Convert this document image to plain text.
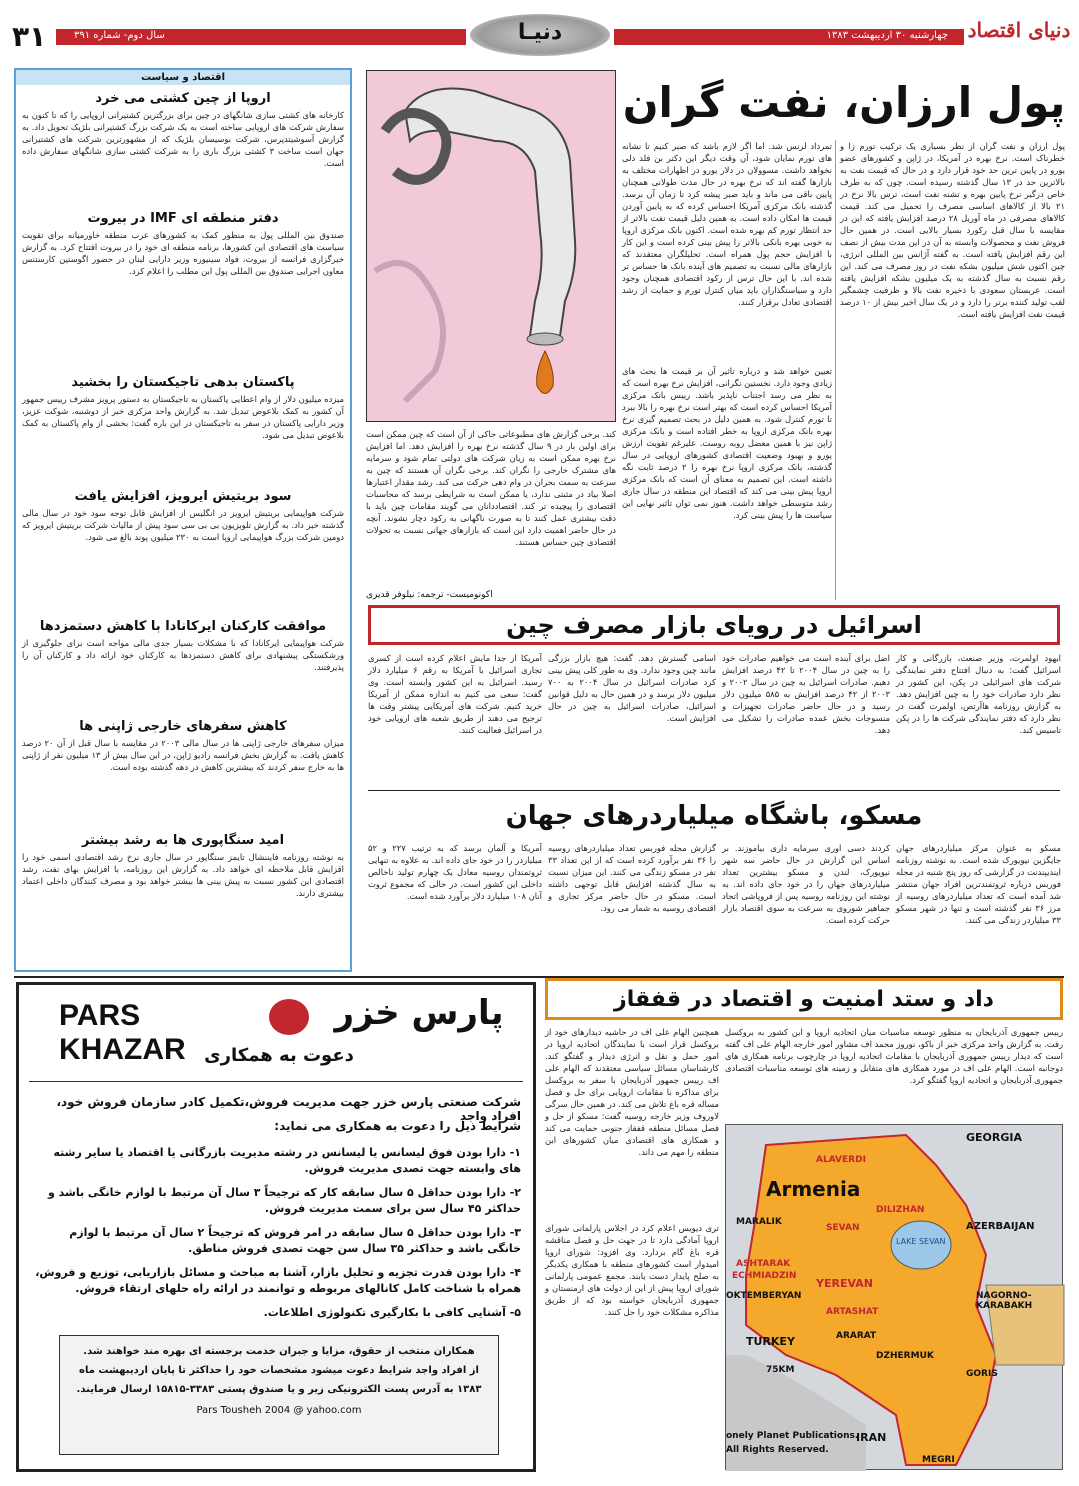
۳۱	سال دوم- شماره ۳۹۱	دنیـا	چهارشنبه ۳۰ اردیبهشت ۱۳۸۳ دنیای اقتصاد
اقتصاد و سیاست
اروپا از چین کشتی می خرد
کارخانه های کشتی سازی شانگهای در چین برای بزرگترین کشتیرانی اروپایی را که تا کنون به سفارش شرکت های اروپایی ساخته است به یک شرکت بزرگ کشتیرانی بلژیک تحویل داد. به گزارش آسوشیتدپرس، شرکت بوسیسان بلژیک که از مشهورترین شرکت های کشتیرانی جهان است ساخت ۳ کشتی بزرگ باری را به شرکت کشتی سازی شانگهای سفارش داده است.
دفتر منطقه ای IMF در بیروت
صندوق بین المللی پول به منظور کمک به کشورهای عرب منطقه خاورمیانه برای تقویت سیاست های اقتصادی این کشورها، برنامه منطقه ای خود را در بیروت افتتاح کرد. به گزارش خبرگزاری فرانسه از بیروت، فواد سینیوره وزیر دارایی لبنان در حضور اگوستین کارستنس معاون اجرایی صندوق بین المللی پول این مطلب را اعلام کرد.
پاکستان بدهی تاجیکستان را بخشید
میزده میلیون دلار از وام اعطایی پاکستان به تاجیکستان به دستور پرویز مشرف رییس جمهور آن کشور به کمک بلاعوض تبدیل شد. به گزارش واحد مرکزی خبر از دوشنبه، شوکت عزیز، وزیر دارایی پاکستان در سفر به تاجیکستان در این باره گفت: بخشی از وام پاکستان به کمک بلاعوض تبدیل می شود.
سود بریتیش ایرویز، افزایش یافت
شرکت هواپیمایی بریتیش ایرویز در انگلیس از افزایش قابل توجه سود خود در سال مالی گذشته خبر داد. به گزارش تلویزیون بی بی سی سود پیش از مالیات شرکت بریتیش ایرویز که دومین شرکت بزرگ هواپیمایی اروپا است به ۲۳۰ میلیون پوند بالغ می شود.
موافقت کارکنان ایرکانادا با کاهش دستمزدها
شرکت هواپیمایی ایرکانادا که با مشکلات بسیار جدی مالی مواجه است برای جلوگیری از ورشکستگی پیشنهادی برای کاهش دستمزدها به کارکنان خود ارائه داد و کارکنان آن را پذیرفتند.
کاهش سفرهای خارجی ژاپنی ها
میزان سفرهای خارجی ژاپنی ها در سال مالی ۲۰۰۳ در مقایسه با سال قبل از آن ۲۰ درصد کاهش یافت. به گزارش بخش فرانسه رادیو ژاپن، در این سال بیش از ۱۳ میلیون نفر از ژاپنی ها به خارج سفر کردند که بیشترین کاهش در دهه گذشته بوده است.
امید سنگاپوری ها به رشد بیشتر
به نوشته روزنامه فایننشال تایمز سنگاپور در سال جاری نرخ رشد اقتصادی اسمی خود را افزایش قابل ملاحظه ای خواهد داد. به گزارش این روزنامه، با افزایش بهای نفت، رشد اقتصادی این کشور نسبت به پیش بینی ها بیشتر خواهد بود و مصرف کنندگان داخلی اعتماد بیشتری دارند.
پول ارزان، نفت گران
پول ارزان و نفت گران از نظر بسیاری یک ترکیب تورم زا و خطرناک است. نرخ بهره در آمریکا، در ژاپن و کشورهای عضو یورو در پایین ترین حد خود قرار دارد و در حال که قیمت نفت به بالاترین حد در ۱۳ سال گذشته رسیده است. چون که به طرف خاص درگیر نرخ پایین بهره و تشنه نفت است، ترس بالا نرخ در ۲۱ بالا از کالاهای اساسی مصرف را تحمیل می کند. قیمت کالاهای مصرفی در ماه آوریل ۲۸ درصد افزایش یافته که این در مقایسه با سال قبل رکورد بسیار بالایی است. در همین حال فروش نفت و محصولات وابسته به آن در این مدت بیش از نصف این رقم افزایش یافته است. به گفته آژانس بین المللی انرژی، چین اکنون شش میلیون بشکه نفت در روز مصرف می کند. این رقم نسبت به سال گذشته به یک میلیون بشکه افزایش یافته است. عربستان سعودی با ذخیره نفت بالا و ظرفیت چشمگیر لقب تولید کننده برتر را دارد و در یک سال اخیر بیش از ۱۰ درصد قیمت نفت افزایش یافته است.
تعیین خواهد شد و درباره تاثیر آن بر قیمت ها بحث های زیادی وجود دارد. نخستین نگرانی، افزایش نرخ بهره است که به نظر می رسد اجتناب ناپذیر باشد. رییس بانک مرکزی آمریکا احساس کرده است که بهتر است نرخ بهره را بالا ببرد تا تورم کنترل شود. به همین دلیل در بحث تصمیم گیری نرخ بهره بانک مرکزی اروپا به خطر افتاده است و بانک مرکزی ژاپن نیز با همین معضل روبه روست. علیرغم تقویت ارزش یورو و بهبود وضعیت اقتصادی کشورهای اروپایی در سال گذشته، بانک مرکزی اروپا نرخ بهره را ۲ درصد ثابت نگه داشته است. این تصمیم به معنای آن است که بانک مرکزی اروپا پیش بینی می کند که اقتصاد این منطقه در سال جاری رشد متوسطی خواهد داشت. هنوز نمی توان تاثیر نهایی این سیاست ها را پیش بینی کرد.
تمرداد لرنس شد. اما اگر لازم باشد که صبر کنیم تا نشانه های تورم نمایان شود، آن وقت دیگر این دکتر بن فلد دلی نخواهد داشت. مسوولان در دلار یورو در اظهارات مختلف به بازارها گفته اند که نرخ بهره در حال مدت طولانی همچنان پایین باقی می ماند و باید صبر پیشه کرد تا زمان آن برسد. گذشته بانک مرکزی آمریکا احساس کرده که به پایین آوردن قیمت ها امکان داده است. به همین دلیل قیمت نفت بالاتر از حد انتظار تورم کم بهره شده است. اکنون بانک مرکزی اروپا به خوبی بهره بانکی بالاتر را پیش بینی کرده است و این کار با افزایش حجم پول همراه است. تحلیلگران معتقدند که بازارهای مالی نسبت به تصمیم های آینده بانک ها حساس تر شده اند. با این حال ترس از رکود اقتصادی همچنان وجود دارد و سیاستگذاران باید میان کنترل تورم و حمایت از رشد اقتصادی تعادل برقرار کنند.
کند. برخی گزارش های مطبوعاتی حاکی از آن است که چین ممکن است برای اولین بار در ۹ سال گذشته نرخ بهره را افزایش دهد. اما افزایش نرخ بهره ممکن است به زیان شرکت های دولتی تمام شود و سرمایه های مشترک خارجی را نگران کند. برخی نگران آن هستند که چین به سرعت به سمت بحران در وام دهی حرکت می کند. رشد مقدار اعتبارها اصلا بیاد در مثبتی ندارد، یا ممکن است به شرایطی برسد که محاسبات اقتصادی را پیچیده تر کند. اقتصاددانان می گویند مقامات چین باید با دقت بیشتری عمل کنند تا به صورت ناگهانی به رکود دچار نشوند. آنچه در حال حاضر اهمیت دارد این است که بازارهای جهانی نسبت به تحولات اقتصادی چین حساس هستند.
اکونومیست- ترجمه: نیلوفر قدیری
اسرائیل در رویای بازار مصرف چین
ایهود اولمرت، وزیر صنعت، بازرگانی و کار اسرائیل گفت: به دنبال افتتاح دفتر نمایندگی شرکت های اسرائیلی در پکن، این کشور در نظر دارد صادرات خود را به چین افزایش دهد. به گزارش روزنامه هاآرتص، اولمرت گفت در نظر دارد که دفتر نمایندگی شرکت ها را در پکن تاسیس کند.
اضل برای آینده است می خواهیم صادرات خود را به چین در سال ۲۰۰۴ تا ۴۲ درصد افزایش دهیم. صادرات اسرائیل به چین در سال ۲۰۰۲ و ۲۰۰۳ از ۴۲ درصد افزایش به ۵۸۵ میلیون دلار رسید و در حال حاضر صادرات تجهیزات و منسوجات بخش عمده صادرات را تشکیل می دهد.
اسامی گسترش دهد. گفت: هیچ بازار بزرگی مانند چین وجود ندارد. وی به طور کلی پیش بینی کرد صادرات اسرائیل در سال ۲۰۰۴ به ۷۰۰ میلیون دلار برسد و در همین حال به دلیل قوانین اسرائیل، صادرات اسرائیل به چین در حال افزایش است.
آمریکا از جدا مایش اعلام کرده است از کسری تجاری اسرائیل با آمریکا به رقم ۶ میلیارد دلار رسید. اسرائیل به این کشور وابسته است. وی گفت: سعی می کنیم به اندازه ممکن از آمریکا خرید کنیم. شرکت های آمریکایی پیشتر وقت ها ترجیح می دهند از طریق شعبه های اروپایی خود در اسرائیل فعالیت کنند.
مسکو، باشگاه میلیاردرهای جهان
مسکو به عنوان مرکز میلیاردرهای جهان جایگزین نیویورک شده است. به نوشته روزنامه ایندیپندنت در گزارشی که روز پنج شنبه در مجله فوربس درباره ثروتمندترین افراد جهان منتشر شد آمده است که تعداد میلیاردرهای روسیه از مرز ۳۶ نفر گذشته است و تنها در شهر مسکو ۳۳ میلیاردر زندگی می کنند.
کردند دسی اوری سرمایه داری بیاموزند. بر اساس این گزارش در حال حاضر سه شهر نیویورک، لندن و مسکو بیشترین تعداد میلیاردرهای جهان را در خود جای داده اند. به نوشته این روزنامه روسیه پس از فروپاشی اتحاد جماهیر شوروی به سرعت به سوی اقتصاد بازار حرکت کرده است.
گزارش مجله فوربس تعداد میلیاردرهای روسیه را ۳۶ نفر برآورد کرده است که از این تعداد ۳۳ نفر در مسکو زندگی می کنند. این میزان نسبت به سال گذشته افزایش قابل توجهی داشته است. مسکو در حال حاضر مرکز تجاری و اقتصادی روسیه به شمار می رود.
آمریکا و آلمان برسد که به ترتیب ۲۲۷ و ۵۲ میلیاردر را در خود جای داده اند. به علاوه به تنهایی ثروتمندان روسیه معادل یک چهارم تولید ناخالص داخلی این کشور است. در حالی که مجموع ثروت آنان ۱۰۸ میلیارد دلار برآورد شده است.
PARS KHAZAR
پارس خزر
دعوت به همکاری
شرکت صنعتی پارس خزر جهت مدیریت فروش،تکمیل کادر سازمان فروش خود، افراد واجد
شرایط ذیل را دعوت به همکاری می نماید:
۱- دارا بودن فوق لیسانس یا لیسانس در رشته مدیریت بازرگانی یا اقتصاد یا سایر رشته های وابسته جهت تصدی مدیریت فروش.
۲- دارا بودن حداقل ۵ سال سابقه کار که ترجیحاً ۳ سال آن مرتبط با لوازم خانگی باشد و حداکثر ۴۵ سال سن برای سمت مدیریت فروش.
۳- دارا بودن حداقل ۵ سال سابقه در امر فروش که ترجیحاً ۲ سال آن مرتبط با لوازم خانگی باشد و حداکثر ۳۵ سال سن جهت تصدی فروش مناطق.
۴- دارا بودن قدرت تجزیه و تحلیل بازار، آشنا به مباحث و مسائل بازاریابی، توزیع و فروش، همراه با شناخت کامل کانالهای مربوطه و توانمند در ارائه راه حلهای ارتقاء فروش.
۵- آشنایی کافی با بکارگیری تکنولوژی اطلاعات.
همکاران منتخب از حقوق، مزایا و جبران خدمت برجسته ای بهره مند خواهند شد.
از افراد واجد شرایط دعوت میشود مشخصات خود را حداکثر تا پایان اردیبهشت ماه
۱۳۸۳ به آدرس پست الکترونیکی زیر و یا صندوق پستی ۳۳۸۳-۱۵۸۱۵ ارسال فرمایند.
Pars Tousheh 2004 @ yahoo.com
داد و ستد امنیت و اقتصاد در قفقاز
رییس جمهوری آذربایجان به منظور توسعه مناسبات میان اتحادیه اروپا و این کشور به بروکسل رفت. به گزارش واحد مرکزی خبر از باکو، نوروز محمد اف مشاور امور خارجه الهام علی اف گفته است که دیدار رییس جمهوری آذربایجان با مقامات اتحادیه اروپا در چارچوب برنامه همکاری های دوجانبه است. الهام علی اف در مورد همکاری های متقابل و زمینه های توسعه مناسبات اقتصادی جمهوری آذربایجان و اتحادیه اروپا گفتگو کرد.
همچنین الهام علی اف در حاشیه دیدارهای خود از بروکسل قرار است با نمایندگان اتحادیه اروپا در امور حمل و نقل و انرژی دیدار و گفتگو کند. کارشناسان مسائل سیاسی معتقدند که الهام علی اف رییس جمهور آذربایجان با سفر به بروکسل برای مذاکره با مقامات اروپایی برای حل و فصل مساله قره باغ تلاش می کند. در همین حال سرگی لاوروف وزیر خارجه روسیه گفت: مسکو از حل و فصل مسائل منطقه قفقاز جنوبی حمایت می کند و همکاری های اقتصادی میان کشورهای این منطقه را مهم می داند.
تری دیویس اعلام کرد در اجلاس پارلمانی شورای اروپا آمادگی دارد تا در جهت حل و فصل مناقشه قره باغ گام بردارد. وی افزود: شورای اروپا امیدوار است کشورهای منطقه با همکاری یکدیگر به صلح پایدار دست یابند. مجمع عمومی پارلمانی شورای اروپا پیش از این از دولت های ارمنستان و جمهوری آذربایجان خواسته بود که از طریق مذاکره مشکلات خود را حل کنند.
Armenia
GEORGIA
ALAVERDI
DILIZHAN
SEVAN
MARALIK	AZERBAIJAN
LAKE SEVAN
ASHTARAK
ECHMIADZIN
YEREVAN
NAGORNO-KARABAKH
OKTEMBERYAN
ARTASHAT
ARARAT
TURKEY
DZHERMUK
GORIS
IRAN
MEGRI
75KM
onely Planet Publications.
All Rights Reserved.
